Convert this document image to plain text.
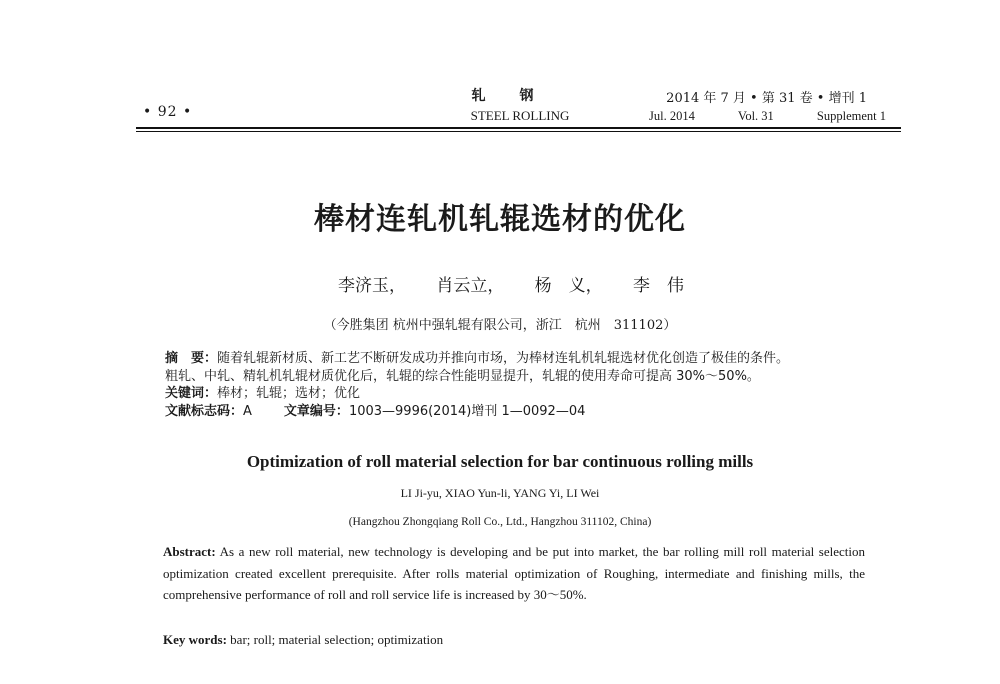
• 92 •
轧钢
STEEL ROLLING
2014 年 7 月 • 第 31 卷 • 增刊 1
Jul. 2014	Vol. 31	Supplement 1
棒材连轧机轧辊选材的优化
李济玉， 肖云立， 杨　义， 李　伟
（今胜集团 杭州中强轧辊有限公司，浙江　杭州　311102）
摘　要：随着轧辊新材质、新工艺不断研发成功并推向市场，为棒材连轧机轧辊选材优化创造了极佳的条件。
粗轧、中轧、精轧机轧辊材质优化后，轧辊的综合性能明显提升，轧辊的使用寿命可提高 30%～50%。
关键词：棒材；轧辊；选材；优化
文献标志码：A 文章编号：1003—9996(2014)增刊 1—0092—04
Optimization of roll material selection for bar continuous rolling mills
LI Ji-yu, XIAO Yun-li, YANG Yi, LI Wei
(Hangzhou Zhongqiang Roll Co., Ltd., Hangzhou 311102, China)
Abstract: As a new roll material, new technology is developing and be put into market, the bar rolling mill roll material selection optimization created excellent prerequisite. After rolls material optimization of Roughing, intermediate and finishing mills, the comprehensive performance of roll and roll service life is increased by 30～50%.
Key words: bar; roll; material selection; optimization
